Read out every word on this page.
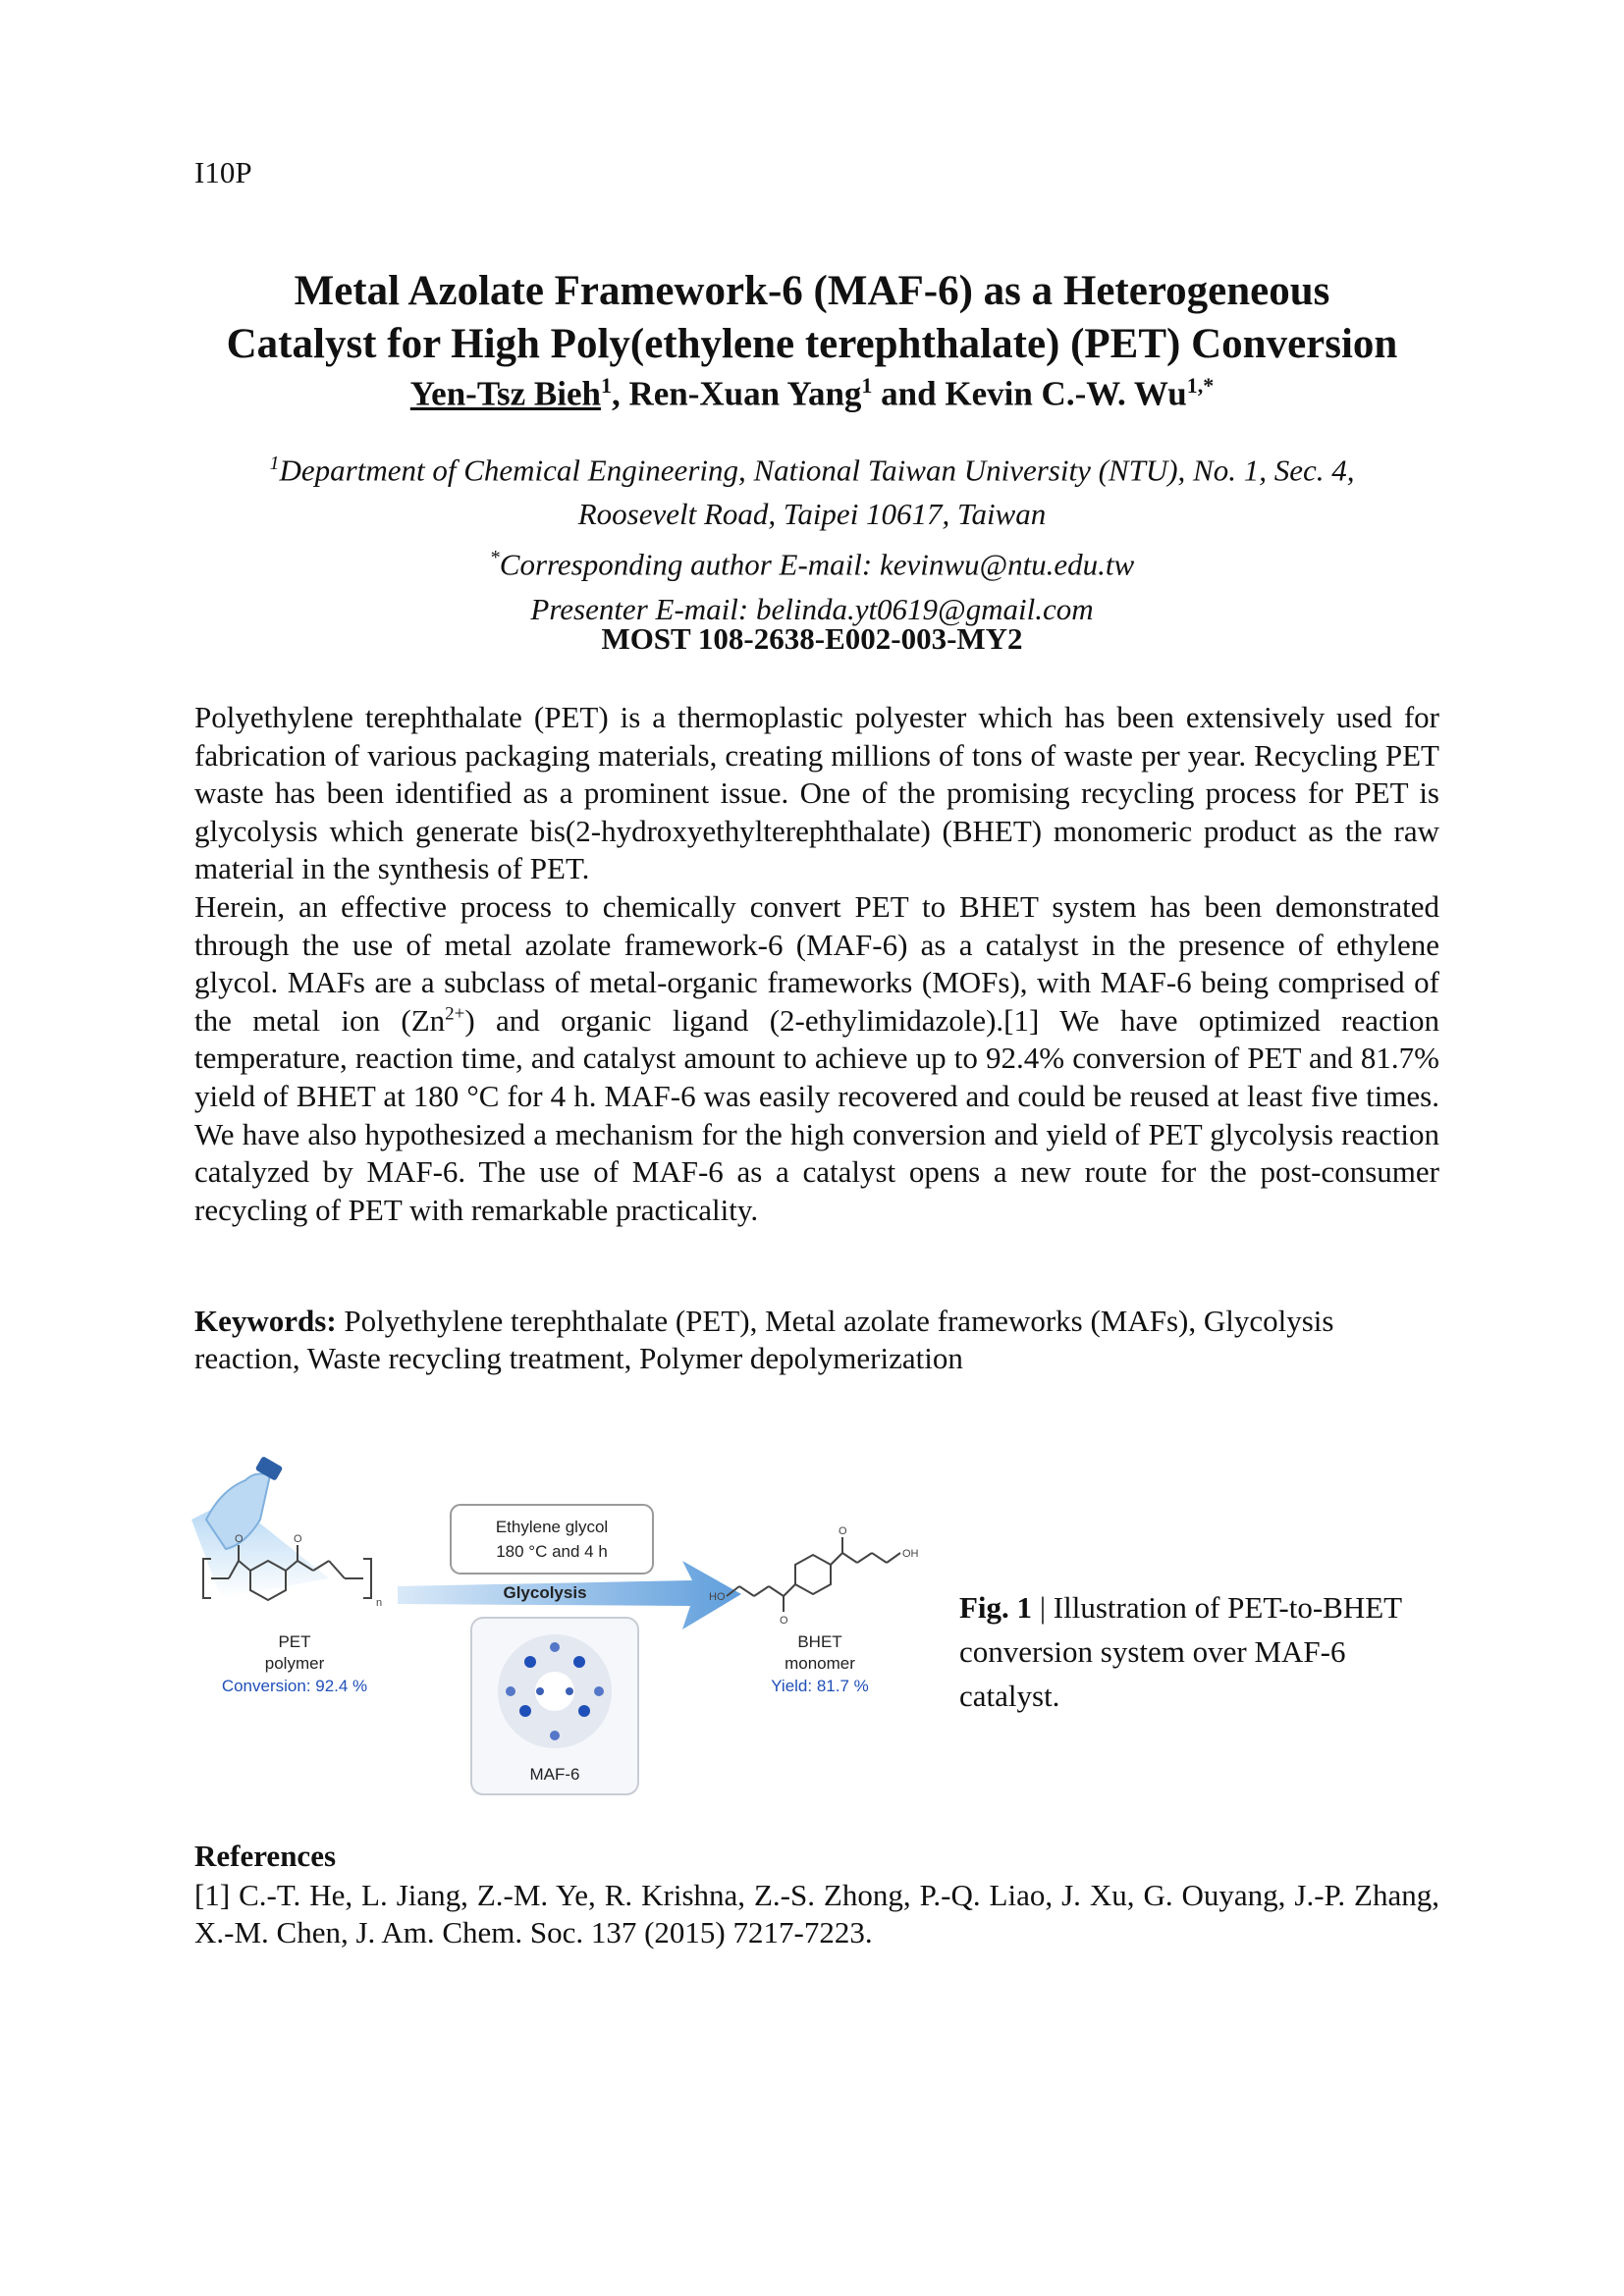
I10P
Metal Azolate Framework-6 (MAF-6) as a Heterogeneous
Catalyst for High Poly(ethylene terephthalate) (PET) Conversion
Yen-Tsz Bieh$^1$, Ren-Xuan Yang$^1$ and Kevin C.-W. $Wu^{1,*}$
$^1$Department of Chemical Engineering, National Taiwan University (NTU), No. 1, Sec. 4,
Roosevelt Road, Taipei 10617, Taiwan
*Corresponding author E-mail: kevinwu@ntu.edu.tw
Presenter E-mail: belinda.yt0619@gmail.com
MOST 108-2638-E002-003-MY2

Polyethylene terephthalate (PET) is a thermoplastic polyester which has been extensively used for fabrication of various packaging materials, creating millions of tons of waste per year. Recycling PET waste has been identified as a prominent issue. One of the promising recycling process for PET is glycolysis which generate bis(2-hydroxyethylterephthalate) (BHET) monomeric product as the raw material in the synthesis of PET.

Herein, an effective process to chemically convert PET to BHET system has been demonstrated through the use of metal azolate framework-6 (MAF-6) as a catalyst in the presence of ethylene glycol. MAFs are a subclass of metal-organic frameworks (MOFs), with MAF-6 being comprised of the metal ion $(Zn^{2+})$ and organic ligand (2-ethylimidazole).[1] We have optimized reaction temperature, reaction time, and catalyst amount to achieve up to 92.4% conversion of PET and 81.7% yield of BHET at 180 °C for 4 h. MAF-6 was easily recovered and could be reused at least five times. We have also hypothesized a mechanism for the high conversion and yield of PET glycolysis reaction catalyzed by MAF-6. The use of MAF-6 as a catalyst opens a new route for the post-consumer recycling of PET with remarkable practicality.

Keywords: Polyethylene terephthalate (PET), Metal azolate frameworks (MAFs), Glycolysis reaction, Waste recycling treatment, Polymer depolymerization
n
O	O
PET
polymer
Conversion: 92.4 %
Ethylene glycol
180 °C and 4 h
Glycolysis
MAF-6
OH
HO
O
O
BHET
monomer
Yield: 81.7 %
Fig. 1 | Illustration of PET-to-BHET conversion system over MAF-6 catalyst.
References
[1] C.-T. He, L. Jiang, Z.-M. Ye, R. Krishna, Z.-S. Zhong, P.-Q. Liao, J. Xu, G. Ouyang, J.-P. Zhang, X.-M. Chen, J. Am. Chem. Soc. 137 (2015) 7217-7223.
